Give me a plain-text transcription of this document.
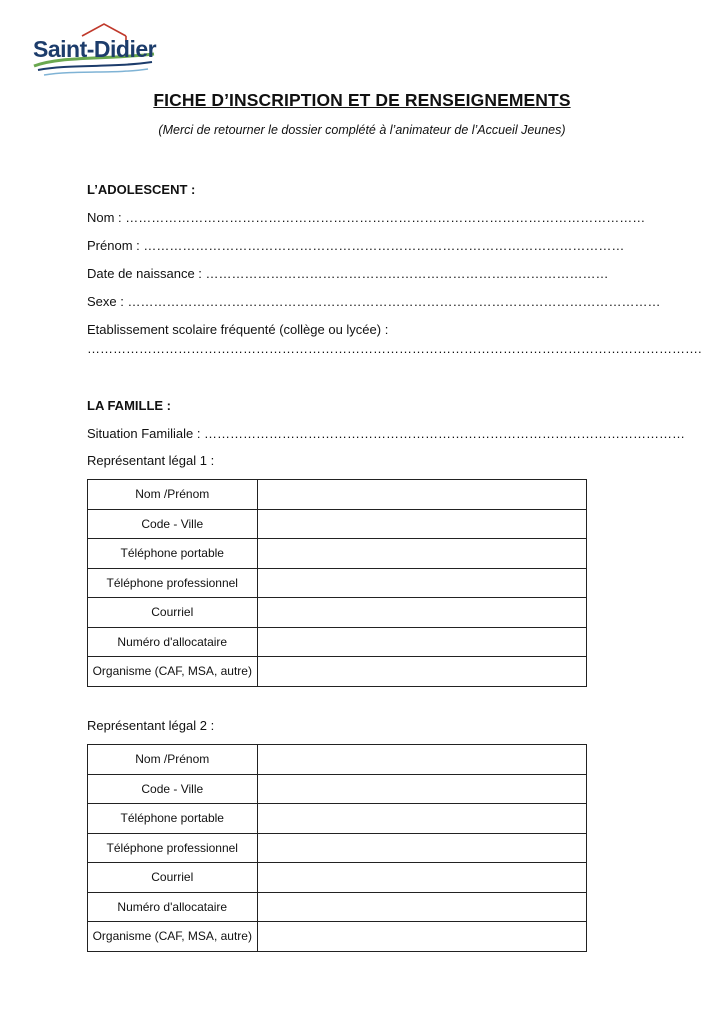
Saint-Didier
FICHE D’INSCRIPTION ET DE RENSEIGNEMENTS
(Merci de retourner le dossier complété à l’animateur de l’Accueil Jeunes)
L’ADOLESCENT :
Nom : …………………………………………………………………………………………………………
Prénom : …………………………………………………………………………………………………
Date de naissance : …………………………………………………………………………………
Sexe : ……………………………………………………………………………………………………………
Etablissement scolaire fréquenté (collège ou lycée) :
…………………………………………………………………………………………………………………………….
LA FAMILLE :
Situation Familiale : …………………………………………………………………………………………………
Représentant légal 1 :
Nom /Prénom	
Code - Ville	
Téléphone portable	
Téléphone professionnel	
Courriel	
Numéro d'allocataire	
Organisme (CAF, MSA, autre)	
Représentant légal 2 :
Nom /Prénom	
Code - Ville	
Téléphone portable	
Téléphone professionnel	
Courriel	
Numéro d'allocataire	
Organisme (CAF, MSA, autre)	
